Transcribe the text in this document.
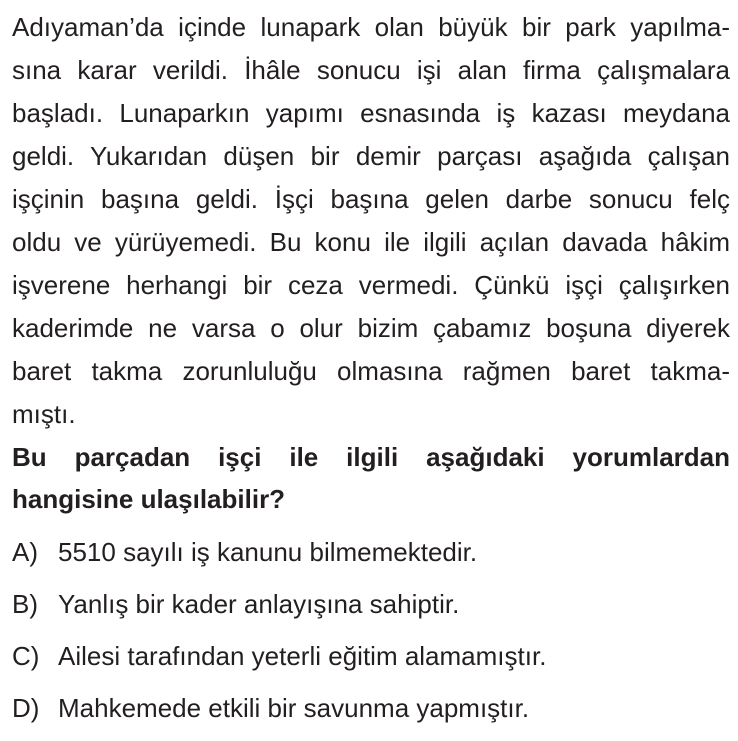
Adıyaman’da içinde lunapark olan büyük bir park yapılma-
sına karar verildi. İhâle sonucu işi alan firma çalışmalara
başladı. Lunaparkın yapımı esnasında iş kazası meydana
geldi. Yukarıdan düşen bir demir parçası aşağıda çalışan
işçinin başına geldi. İşçi başına gelen darbe sonucu felç
oldu ve yürüyemedi. Bu konu ile ilgili açılan davada hâkim
işverene herhangi bir ceza vermedi. Çünkü işçi çalışırken
kaderimde ne varsa o olur bizim çabamız boşuna diyerek
baret takma zorunluluğu olmasına rağmen baret takma-
mıştı.
Bu parçadan işçi ile ilgili aşağıdaki yorumlardan
hangisine ulaşılabilir?
A) 5510 sayılı iş kanunu bilmemektedir.
B) Yanlış bir kader anlayışına sahiptir.
C) Ailesi tarafından yeterli eğitim alamamıştır.
D) Mahkemede etkili bir savunma yapmıştır.
